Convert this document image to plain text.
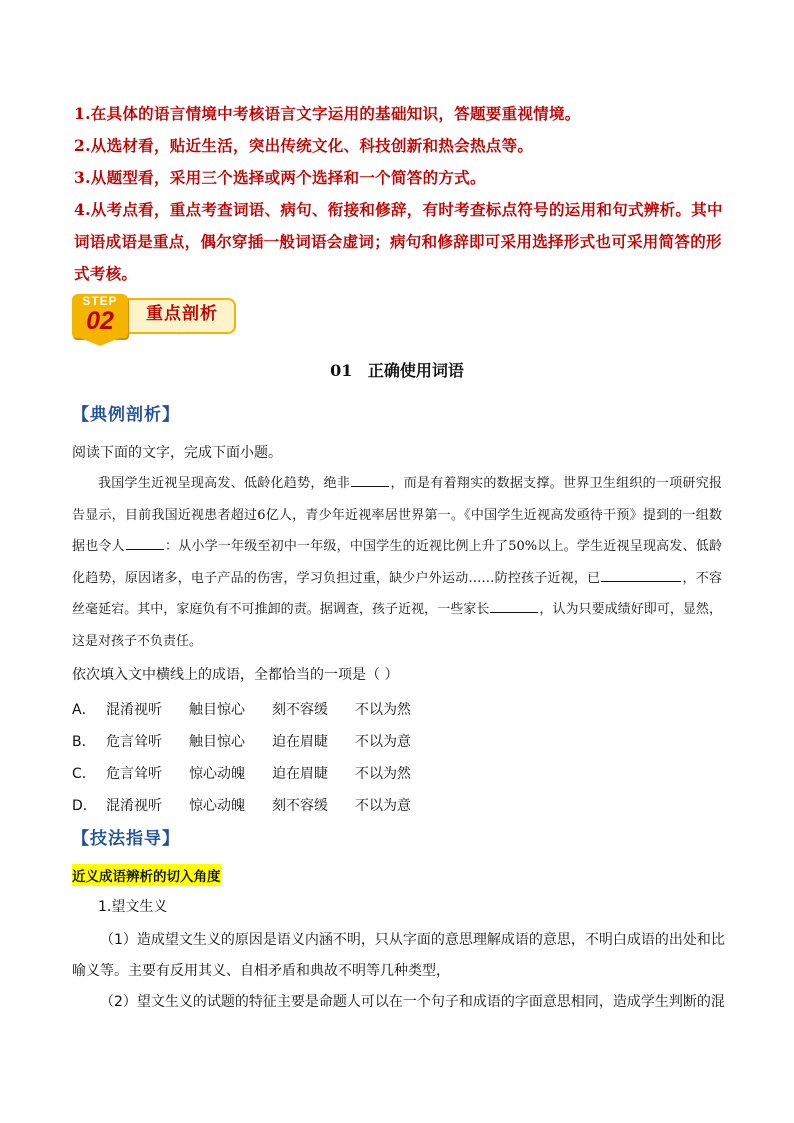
1.在具体的语言情境中考核语言文字运用的基础知识，答题要重视情境。

2.从选材看，贴近生活，突出传统文化、科技创新和热会热点等。

3.从题型看，采用三个选择或两个选择和一个简答的方式。

4.从考点看，重点考查词语、病句、衔接和修辞，有时考查标点符号的运用和句式辨析。其中词语成语是重点，偶尔穿插一般词语会虚词；病句和修辞即可采用选择形式也可采用简答的形式考核。

STEP
02	重点剖析
01 正确使用词语
【典例剖析】
阅读下面的文字，完成下面小题。

我国学生近视呈现高发、低龄化趋势，绝非	，而是有着翔实的数据支撑。世界卫生组织的一项研究报告显示，目前我国近视患者超过6亿人，青少年近视率居世界第一。《中国学生近视高发亟待干预》提到的一组数据也令人	：从小学一年级至初中一年级，中国学生的近视比例上升了50%以上。学生近视呈现高发、低龄化趋势，原因诸多，电子产品的伤害，学习负担过重，缺少户外运动……防控孩子近视，已	，不容丝毫延宕。其中，家庭负有不可推卸的责。据调查，孩子近视，一些家长	，认为只要成绩好即可，显然，这是对孩子不负责任。

依次填入文中横线上的成语，全都恰当的一项是（ ）
A． 混淆视听	触目惊心	刻不容缓	不以为然
B． 危言耸听	触目惊心	迫在眉睫	不以为意
C． 危言耸听	惊心动魄	迫在眉睫	不以为然
D． 混淆视听	惊心动魄	刻不容缓	不以为意
【技法指导】
近义成语辨析的切入角度
1.望文生义

（1）造成望文生义的原因是语义内涵不明，只从字面的意思理解成语的意思，不明白成语的出处和比喻义等。主要有反用其义、自相矛盾和典故不明等几种类型，

（2）望文生义的试题的特征主要是命题人可以在一个句子和成语的字面意思相同，造成学生判断的混
